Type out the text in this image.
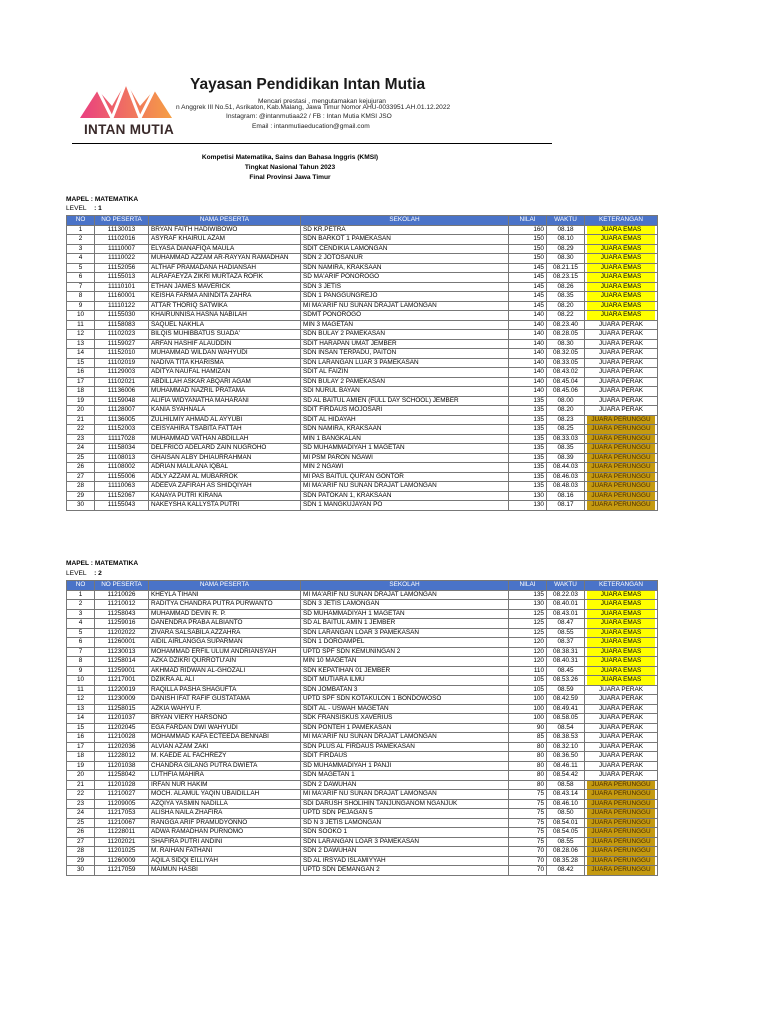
INTAN MUTIA
Yayasan Pendidikan Intan Mutia
Mencari prestasi , mengutamakan kejujuran
n Anggrek III No.51, Asrikaton, Kab.Malang, Jawa Timur Nomor AHU-0033951.AH.01.12.2022
Instagram: @intanmutiaa22 / FB : Intan Mutia KMSI JSO
Email : intanmutiaeducation@gmail.com
Kompetisi Matematika, Sains dan Bahasa Inggris (KMSI)
Tingkat Nasional Tahun 2023
Final Provinsi Jawa Timur
MAPEL : MATEMATIKA
LEVEL : 1
NO	NO PESERTA	NAMA PESERTA	SEKOLAH	NILAI	WAKTU	KETERANGAN
1	11130013	BRYAN FAITH HADIWIBOWO	SD KR.PETRA	160	08.18	JUARA EMAS

2	11102016	ASYRAF KHAIRUL AZAM	SDN BARKOT 1 PAMEKASAN	150	08.10	JUARA EMAS

3	11110007	ELYASA DIANAFIQA MAULA	SDIT CENDIKIA LAMONGAN	150	08.29	JUARA EMAS

4	11110022	MUHAMMAD AZZAM AR-RAYYAN RAMADHAN	SDN 2 JOTOSANUR	150	08.30	JUARA EMAS

5	11152056	ALTHAF PRAMADANA HADIANSAH	SDN NAMIRA, KRAKSAAN	145	08.21.15	JUARA EMAS

6	11155013	ALRAFAEYZA ZIKRI MURTAZA ROFIK	SD MA'ARIF PONOROGO	145	08.23.15	JUARA EMAS

7	11110101	ETHAN JAMES MAVERICK	SDN 3 JETIS	145	08.26	JUARA EMAS

8	11160001	KEISHA FARMA ANINDITA ZAHRA	SDN 1 PANGGUNGREJO	145	08.35	JUARA EMAS

9	11110122	ATTAR THORIQ SATWIKA	MI MA'ARIF NU SUNAN DRAJAT LAMONGAN	145	08.20	JUARA EMAS

10	11155030	KHAIRUNNISA HASNA NABILAH	SDMT PONOROGO	140	08.22	JUARA EMAS

11	11158083	SAQUEL NAKHLA	MIN 3 MAGETAN	140	08.23.40	JUARA PERAK

12	11102023	BILQIS MUHIBBATUS SUADA'	SDN BULAY 2 PAMEKASAN	140	08.28.05	JUARA PERAK

13	11159027	ARFAN HASHIF ALAUDDIN	SDIT HARAPAN UMAT JEMBER	140	08.30	JUARA PERAK

14	11152010	MUHAMMAD WILDAN WAHYUDI	SDN INSAN TERPADU, PAITON	140	08.32.05	JUARA PERAK

15	11102019	NADIVA TITA KHARISMA	SDN LARANGAN LUAR 3 PAMEKASAN	140	08.33.05	JUARA PERAK

16	11129003	ADITYA NAUFAL HAMIZAN	SDIT AL FAIZIN	140	08.43.02	JUARA PERAK

17	11102021	ABDILLAH ASKAR ABQARI AGAM	SDN BULAY 2 PAMEKASAN	140	08.45.04	JUARA PERAK

18	11136006	MUHAMMAD NAZRIL PRATAMA	SDI NURUL BAYAN	140	08.45.06	JUARA PERAK

19	11159048	ALIFIA WIDYANATHA MAHARANI	SD AL BAITUL AMIEN (FULL DAY SCHOOL) JEMBER	135	08.00	JUARA PERAK

20	11128007	KANIA SYAHNALA	SDIT FIRDAUS MOJOSARI	135	08.20	JUARA PERAK

21	11136005	ZULHILMIY AHMAD AL AYYUBI	SDIT AL HIDAYAH	135	08.23	JUARA PERUNGGU

22	11152003	CEISYAHIRA TSABITA FATTAH	SDN NAMIRA, KRAKSAAN	135	08.25	JUARA PERUNGGU

23	11117028	MUHAMMAD VATHAN ABDILLAH	MIN 1 BANGKALAN	135	08.33.03	JUARA PERUNGGU

24	11158034	DELFRICO ADELARD ZAIN NUGROHO	SD MUHAMMADIYAH 1 MAGETAN	135	08.35	JUARA PERUNGGU

25	11108013	GHAISAN ALBY DHIAURRAHMAN	MI PSM PARON NGAWI	135	08.39	JUARA PERUNGGU

26	11108002	ADRIAN MAULANA IQBAL	MIN 2 NGAWI	135	08.44.03	JUARA PERUNGGU

27	11155006	ADLY AZZAM AL MUBARROK	MI PAS BAITUL QUR'AN GONTOR	135	08.46.03	JUARA PERUNGGU

28	11110063	ADEEVA ZAFIRAH AS SHIDQIYAH	MI MA'ARIF NU SUNAN DRAJAT LAMONGAN	135	08.48.03	JUARA PERUNGGU

29	11152067	KANAYA PUTRI KIRANA	SDN PATOKAN 1, KRAKSAAN	130	08.16	JUARA PERUNGGU

30	11155043	NAKEYSHA KALLYSTA PUTRI	SDN 1 MANGKUJAYAN PO	130	08.17	JUARA PERUNGGU
MAPEL : MATEMATIKA
LEVEL : 2
NO	NO PESERTA	NAMA PESERTA	SEKOLAH	NILAI	WAKTU	KETERANGAN
1	11210026	KHEYLA TIHANI	MI MA'ARIF NU SUNAN DRAJAT LAMONGAN	135	08.22.03	JUARA EMAS

2	11210012	RADITYA CHANDRA PUTRA PURWANTO	SDN 3 JETIS LAMONGAN	130	08.40.01	JUARA EMAS

3	11258043	MUHAMMAD DEVIN R. P.	SD MUHAMMADIYAH 1 MAGETAN	125	08.43.01	JUARA EMAS

4	11259016	DANENDRA PRABA ALBIANTO	SD AL BAITUL AMIN 1 JEMBER	125	08.47	JUARA EMAS

5	11202022	ZIVARA SALSABILA AZZAHRA	SDN LARANGAN LOAR 3 PAMEKASAN	125	08.55	JUARA EMAS

6	11260001	AIDIL AIRLANGGA SUPARMAN	SDN 1 DOROAMPEL	120	08.37	JUARA EMAS

7	11230013	MOHAMMAD ERFIL ULUM ANDRIANSYAH	UPTD SPF SDN KEMUNINGAN 2	120	08.38.31	JUARA EMAS

8	11258014	AZKA DZIKRI QURROTU'AIN	MIN 10 MAGETAN	120	08.40.31	JUARA EMAS

9	11259001	AKHMAD RIDWAN AL-GHOZALI	SDN KEPATIHAN 01 JEMBER	110	08.45	JUARA EMAS

10	11217001	DZIKRA AL ALI	SDIT MUTIARA ILMU	105	08.53.26	JUARA EMAS

11	11220019	RAQILLA PASHA SHAGUFTA	SDN JOMBATAN 3	105	08.59	JUARA PERAK

12	11230009	DANISH IFAT RAFIF GUSTATAMA	UPTD SPF SDN KOTAKULON 1 BONDOWOSO	100	08.42.59	JUARA PERAK

13	11258015	AZKIA WAHYU F.	SDIT AL - USWAH MAGETAN	100	08.49.41	JUARA PERAK

14	11201037	BRYAN VIERY HARSONO	SDK FRANSISKUS XAVERIUS	100	08.58.05	JUARA PERAK

15	11202045	EGA FARDAN DWI WAHYUDI	SDN PONTEH 1 PAMEKASAN	90	08.54	JUARA PERAK

16	11210028	MOHAMMAD KAFA ECTEEDA BENNABI	MI MA'ARIF NU SUNAN DRAJAT LAMONGAN	85	08.38.53	JUARA PERAK

17	11202036	ALVIAN AZAM ZAKI	SDN PLUS AL FIRDAUS PAMEKASAN	80	08.32.10	JUARA PERAK

18	11228012	M. KAEDE AL FACHREZY	SDIT FIRDAUS	80	08.36.50	JUARA PERAK

19	11201038	CHANDRA GILANG PUTRA DWIETA	SD MUHAMMADIYAH 1 PANJI	80	08.46.11	JUARA PERAK

20	11258042	LUTHFIA MAHIRA	SDN MAGETAN 1	80	08.54.42	JUARA PERAK

21	11201028	IRFAN NUR HAKIM	SDN 2 DAWUHAN	80	08.58	JUARA PERUNGGU

22	11210027	MOCH. ALAMUL YAQIN UBAIDILLAH	MI MA'ARIF NU SUNAN DRAJAT LAMONGAN	75	08.43.14	JUARA PERUNGGU

23	11209005	AZQIYA YASMIN NADILLA	SDI DARUSH SHOLIHIN TANJUNGANOM NGANJUK	75	08.46.10	JUARA PERUNGGU

24	11217053	ALISHA NAILA ZHAFIRA	UPTD SDN PEJAGAN 5	75	08.50	JUARA PERUNGGU

25	11210067	RANGGA ARIF PRAMUDYONNO	SD N 3 JETIS LAMONGAN	75	08.54.01	JUARA PERUNGGU

26	11228011	ADWA RAMADHAN PURNOMO	SDN SOOKO 1	75	08.54.05	JUARA PERUNGGU

27	11202021	SHAFIRA PUTRI ANDINI	SDN LARANGAN LOAR 3 PAMEKASAN	75	08.55	JUARA PERUNGGU

28	11201025	M. RAIHAN FATHANI	SDN 2 DAWUHAN	70	08.28.06	JUARA PERUNGGU

29	11260009	AQILA SIDQI EILLIYAH	SD AL IRSYAD ISLAMIYYAH	70	08.35.28	JUARA PERUNGGU

30	11217059	MAIMUN HASBI	UPTD SDN DEMANGAN 2	70	08.42	JUARA PERUNGGU
